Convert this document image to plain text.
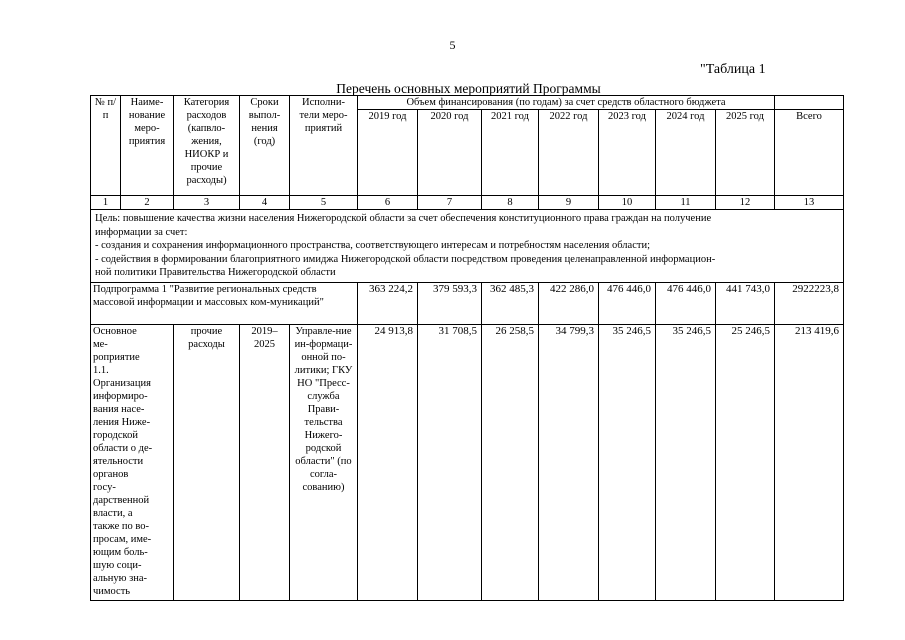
5
"Таблица 1
Перечень основных мероприятий Программы
№ п/п	Наиме-нование меро-приятия	Категория расходов (капвло-жения, НИОКР и прочие расходы)	Сроки выпол-нения (год)	Исполни-тели меро-приятий	Объем финансирования (по годам) за счет средств областного бюджета							
					2019 год	2020 год	2021 год	2022 год	2023 год	2024 год	2025 год	Всего
1	2	3	4	5	6	7	8	9	10	11	12	13

Цель: повышение качества жизни населения Нижегородской области за счет обеспечения конституционного права граждан на получение
информации за счет:
- создания и сохранения информационного пространства, соответствующего интересам и потребностям населения области;
- содействия в формировании благоприятного имиджа Нижегородской области посредством проведения целенаправленной информацион-
ной политики Правительства Нижегородской области												

Подпрограмма 1 "Развитие региональных средств массовой информации и массовых ком-муникаций"					363 224,2	379 593,3	362 485,3	422 286,0	476 446,0	476 446,0	441 743,0	2922223,8
Основное ме-роприятие 1.1. Организация информиро-вания насе-ления Ниже-городской области о де-ятельности органов госу-дарственной власти, а также по во-просам, име-ющим боль-шую соци-альную зна-чимость		прочие расходы	2019–2025	Управле-ние ин-формаци-онной по-литики; ГКУ НО "Пресс-служба Прави-тельства Нижего-родской области" (по согла-сованию)	24 913,8	31 708,5	26 258,5	34 799,3	35 246,5	35 246,5	25 246,5	213 419,6
